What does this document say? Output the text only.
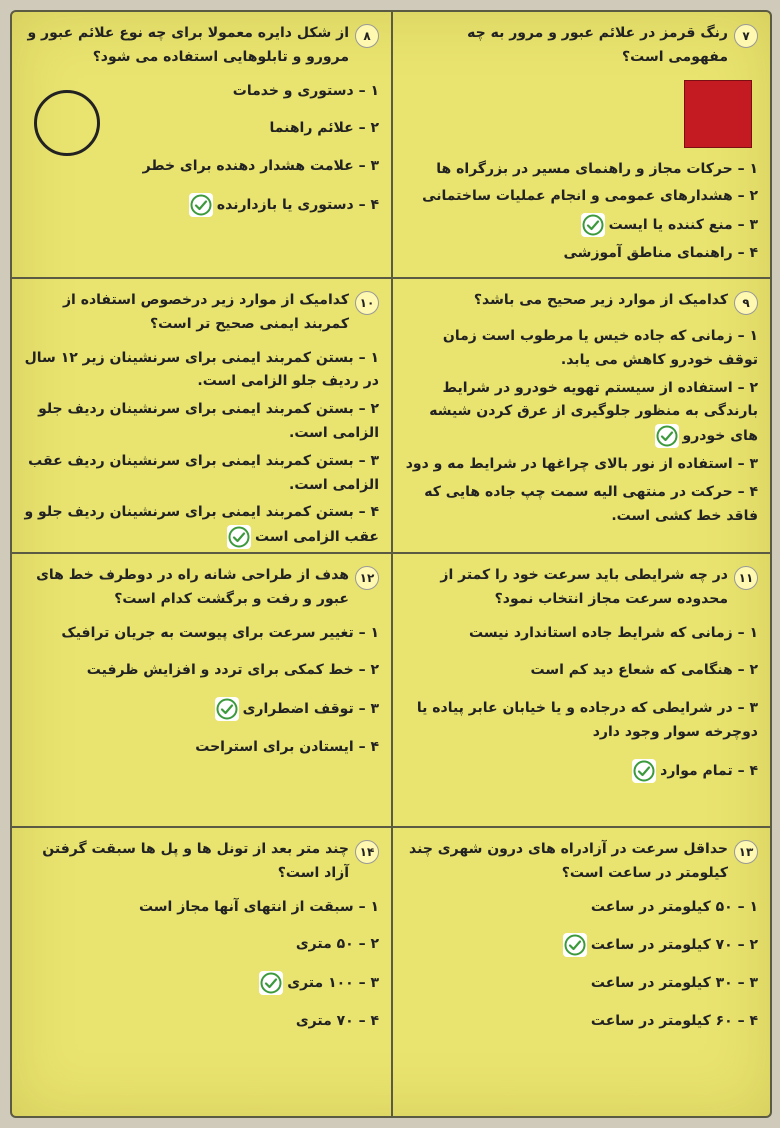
۸
از شکل دایره معمولا برای چه نوع علائم عبور و مرورو و تابلوهایی استفاده می شود؟
۱ – دستوری و خدمات
۲ – علائم راهنما
۳ – علامت هشدار دهنده برای خطر
۴ – دستوری یا بازدارنده
۷
رنگ قرمز در علائم عبور و مرور به چه مفهومی است؟
۱ – حرکات مجاز و راهنمای مسیر در بزرگراه ها
۲ – هشدارهای عمومی و انجام عملیات ساختمانی
۳ – منع کننده یا ایست
۴ – راهنمای مناطق آموزشی
۱۰
کدامیک از موارد زیر درخصوص استفاده از کمربند ایمنی صحیح تر است؟
۱ – بستن کمربند ایمنی برای سرنشینان زیر ۱۲ سال در ردیف جلو الزامی است.
۲ – بستن کمربند ایمنی برای سرنشینان ردیف جلو الزامی است.
۳ – بستن کمربند ایمنی برای سرنشینان ردیف عقب الزامی است.
۴ – بستن کمربند ایمنی برای سرنشینان ردیف جلو و عقب الزامی است
۹
کدامیک از موارد زیر صحیح می باشد؟
۱ – زمانی که جاده خیس یا مرطوب است زمان توقف خودرو کاهش می یابد.
۲ – استفاده از سیستم تهویه خودرو در شرایط بارندگی به منظور جلوگیری از عرق کردن شیشه های خودرو
۳ – استفاده از نور بالای چراغها در شرایط مه و دود
۴ – حرکت در منتهی الیه سمت چپ جاده هایی که فاقد خط کشی است.
۱۲
هدف از طراحی شانه راه در دوطرف خط های عبور و رفت و برگشت کدام است؟
۱ – تغییر سرعت برای پیوست به جریان ترافیک
۲ – خط کمکی برای تردد و افزایش ظرفیت
۳ – توقف اضطراری
۴ – ایستادن برای استراحت
۱۱
در چه شرایطی باید سرعت خود را کمتر از محدوده سرعت مجاز انتخاب نمود؟
۱ – زمانی که شرایط جاده استاندارد نیست
۲ – هنگامی که شعاع دید کم است
۳ – در شرایطی که درجاده و یا خیابان عابر پیاده یا دوچرخه سوار وجود دارد
۴ – تمام موارد
۱۴
چند متر بعد از تونل ها و پل ها سبقت گرفتن آزاد است؟
۱ – سبقت از انتهای آنها مجاز است
۲ – ۵۰ متری
۳ – ۱۰۰ متری
۴ – ۷۰ متری
۱۳
حداقل سرعت در آزادراه های درون شهری چند کیلومتر در ساعت است؟
۱ – ۵۰ کیلومتر در ساعت
۲ – ۷۰ کیلومتر در ساعت
۳ – ۳۰ کیلومتر در ساعت
۴ – ۶۰ کیلومتر در ساعت
